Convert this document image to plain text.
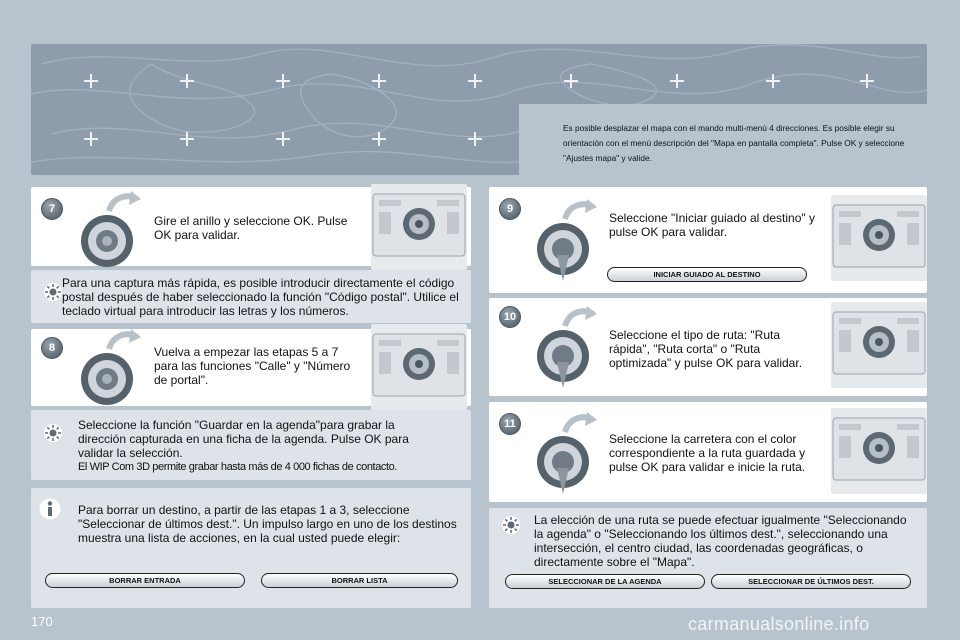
Es posible desplazar el mapa con el mando multi-menú 4 direcciones. Es posible elegir su orientación con el menú descripción del "Mapa en pantalla completa". Pulse OK y seleccione "Ajustes mapa" y valide.

7

Gire el anillo y seleccione OK. Pulse OK para validar.

Para una captura más rápida, es posible introducir directamente el código postal después de haber seleccionado la función "Código postal". Utilice el teclado virtual para introducir las letras y los números.

8	Vuelva a empezar las etapas 5 a 7 para las funciones "Calle" y "Número de portal".

Seleccione la función "Guardar en la agenda"para grabar la dirección capturada en una ficha de la agenda. Pulse OK para validar la selección.

El WIP Com 3D permite grabar hasta más de 4 000 fichas de contacto.

Para borrar un destino, a partir de las etapas 1 a 3, seleccione "Seleccionar de últimos dest.". Un impulso largo en uno de los destinos muestra una lista de acciones, en la cual usted puede elegir:

BORRAR ENTRADA	BORRAR LISTA
9

Seleccione "Iniciar guiado al destino" y pulse OK para validar.

INICIAR GUIADO AL DESTINO
10

Seleccione el tipo de ruta: "Ruta rápida", "Ruta corta" o "Ruta optimizada" y pulse OK para validar.

11

Seleccione la carretera con el color correspondiente a la ruta guardada y pulse OK para validar e inicie la ruta.

La elección de una ruta se puede efectuar igualmente "Seleccionando la agenda" o "Seleccionando los últimos dest.", seleccionando una intersección, el centro ciudad, las coordenadas geográficas, o directamente sobre el "Mapa".

SELECCIONAR DE LA AGENDA	SELECCIONAR DE ÚLTIMOS DEST.
170	carmanualsonline.info
